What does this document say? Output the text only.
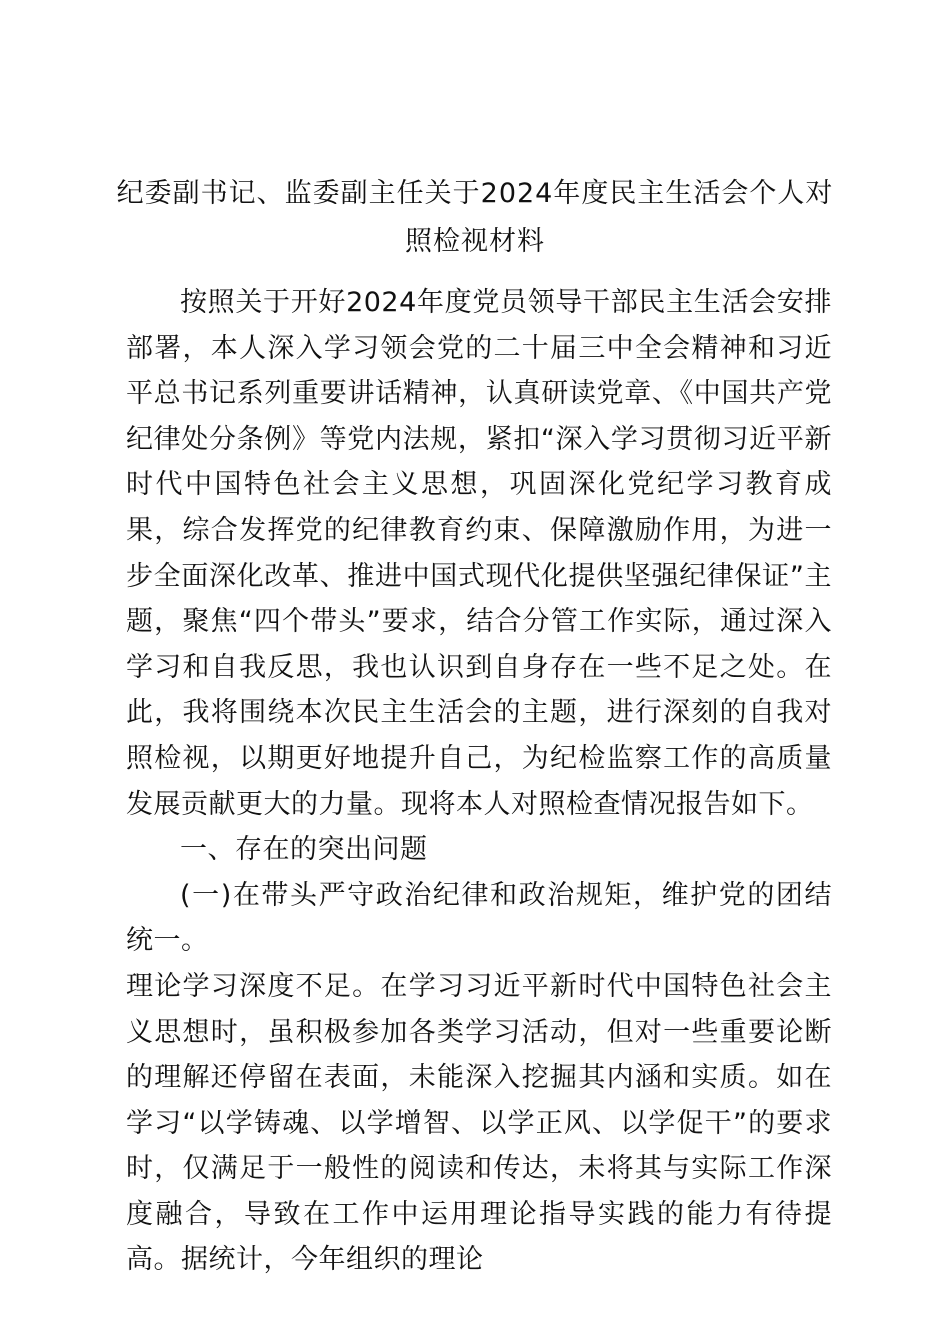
纪委副书记、监委副主任关于2024年度民主生活会个人对照检视材料

按照关于开好2024年度党员领导干部民主生活会安排部署，本人深入学习领会党的二十届三中全会精神和习近平总书记系列重要讲话精神，认真研读党章、《中国共产党纪律处分条例》等党内法规，紧扣“深入学习贯彻习近平新时代中国特色社会主义思想，巩固深化党纪学习教育成果，综合发挥党的纪律教育约束、保障激励作用，为进一步全面深化改革、推进中国式现代化提供坚强纪律保证”主题，聚焦“四个带头”要求，结合分管工作实际，通过深入学习和自我反思，我也认识到自身存在一些不足之处。在此，我将围绕本次民主生活会的主题，进行深刻的自我对照检视，以期更好地提升自己，为纪检监察工作的高质量发展贡献更大的力量。现将本人对照检查情况报告如下。

一、存在的突出问题

(一)在带头严守政治纪律和政治规矩，维护党的团结统一。

理论学习深度不足。在学习习近平新时代中国特色社会主义思想时，虽积极参加各类学习活动，但对一些重要论断的理解还停留在表面，未能深入挖掘其内涵和实质。如在学习“以学铸魂、以学增智、以学正风、以学促干”的要求时，仅满足于一般性的阅读和传达，未将其与实际工作深度融合，导致在工作中运用理论指导实践的能力有待提高。据统计，今年组织的理论
